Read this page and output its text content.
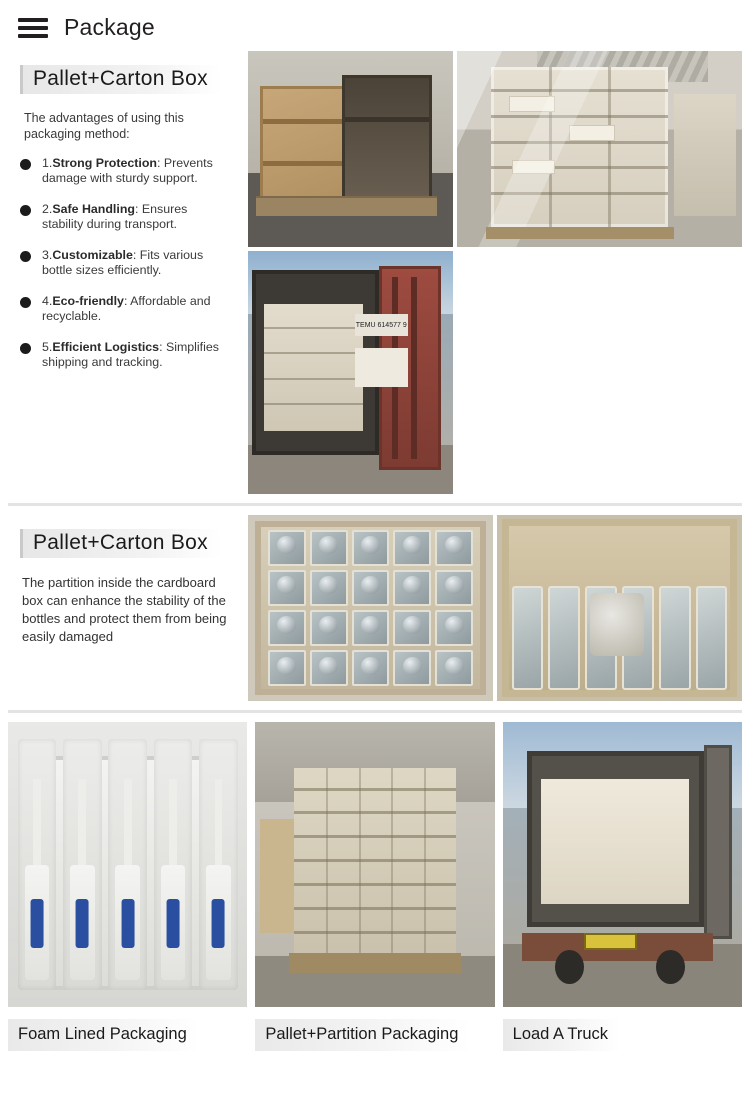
Package
Pallet+Carton Box

The advantages of using this packaging method:

1.Strong Protection: Prevents damage with sturdy support.
2.Safe Handling: Ensures stability during transport.
3.Customizable: Fits various bottle sizes efficiently.
4.Eco-friendly: Affordable and recyclable.
5.Efficient Logistics: Simplifies shipping and tracking.
TEMU 614577 9
Pallet+Carton Box

The partition inside the cardboard box can enhance the stability of the bottles and protect them from being easily damaged

Foam Lined Packaging	Pallet+Partition Packaging	Load A Truck
